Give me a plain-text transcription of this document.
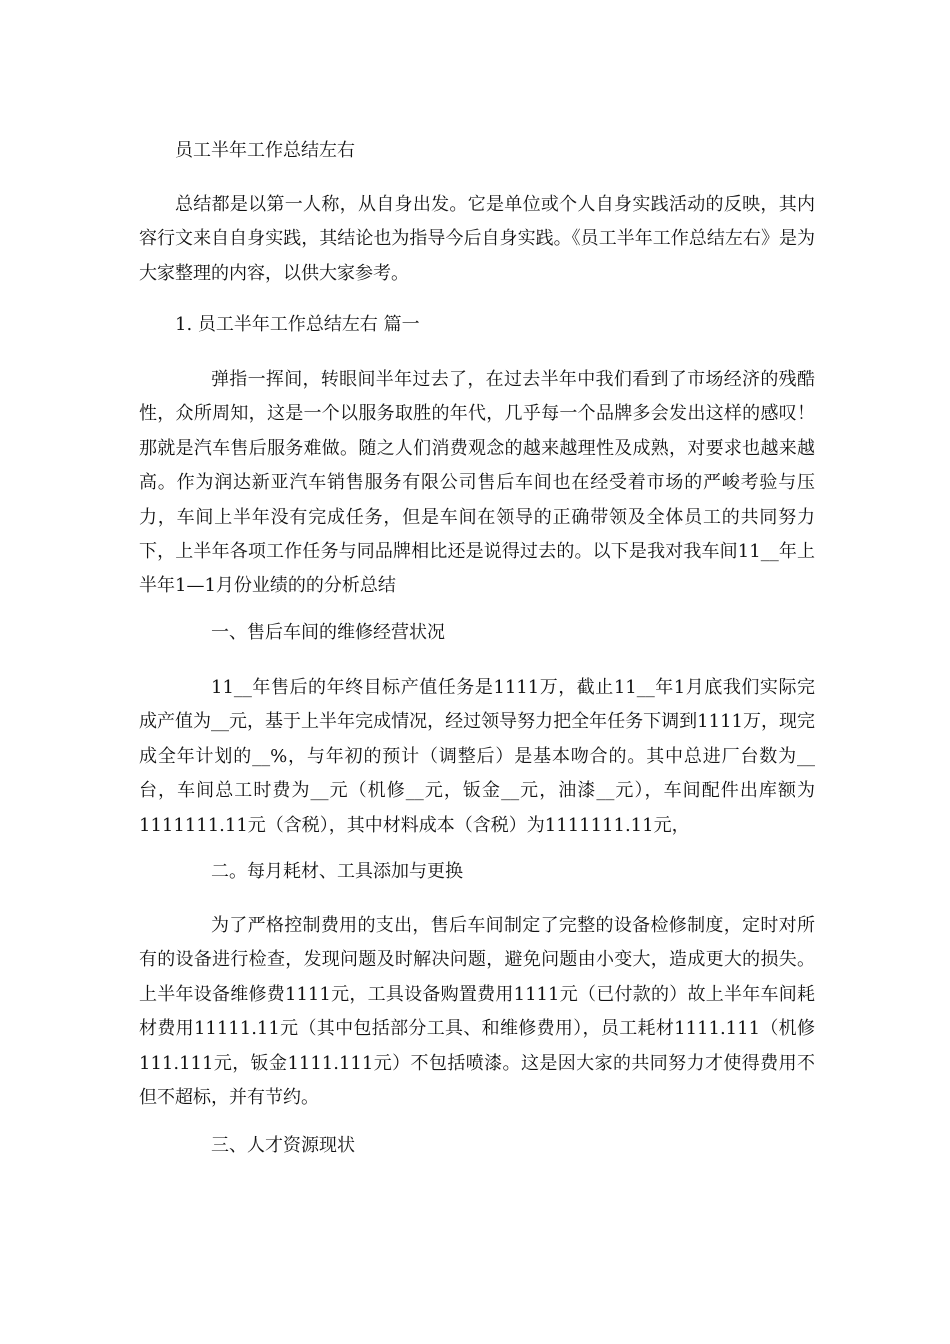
员工半年工作总结左右

总结都是以第一人称，从自身出发。它是单位或个人自身实践活动的反映，其内容行文来自自身实践，其结论也为指导今后自身实践。《员工半年工作总结左右》是为大家整理的内容，以供大家参考。

1. 员工半年工作总结左右 篇一

弹指一挥间，转眼间半年过去了，在过去半年中我们看到了市场经济的残酷性，众所周知，这是一个以服务取胜的年代，几乎每一个品牌多会发出这样的感叹！那就是汽车售后服务难做。随之人们消费观念的越来越理性及成熟，对要求也越来越高。作为润达新亚汽车销售服务有限公司售后车间也在经受着市场的严峻考验与压力，车间上半年没有完成任务，但是车间在领导的正确带领及全体员工的共同努力下，上半年各项工作任务与同品牌相比还是说得过去的。以下是我对我车间11__年上半年1—1月份业绩的的分析总结

一、售后车间的维修经营状况

11__年售后的年终目标产值任务是1111万，截止11__年1月底我们实际完成产值为__元，基于上半年完成情况，经过领导努力把全年任务下调到1111万，现完成全年计划的__%，与年初的预计（调整后）是基本吻合的。其中总进厂台数为__台，车间总工时费为__元（机修__元，钣金__元，油漆__元），车间配件出库额为1111111.11元（含税），其中材料成本（含税）为1111111.11元，

二。每月耗材、工具添加与更换

为了严格控制费用的支出，售后车间制定了完整的设备检修制度，定时对所有的设备进行检查，发现问题及时解决问题，避免问题由小变大，造成更大的损失。上半年设备维修费1111元，工具设备购置费用1111元（已付款的）故上半年车间耗材费用11111.11元（其中包括部分工具、和维修费用），员工耗材1111.111（机修111.111元，钣金1111.111元）不包括喷漆。这是因大家的共同努力才使得费用不但不超标，并有节约。

三、人才资源现状
